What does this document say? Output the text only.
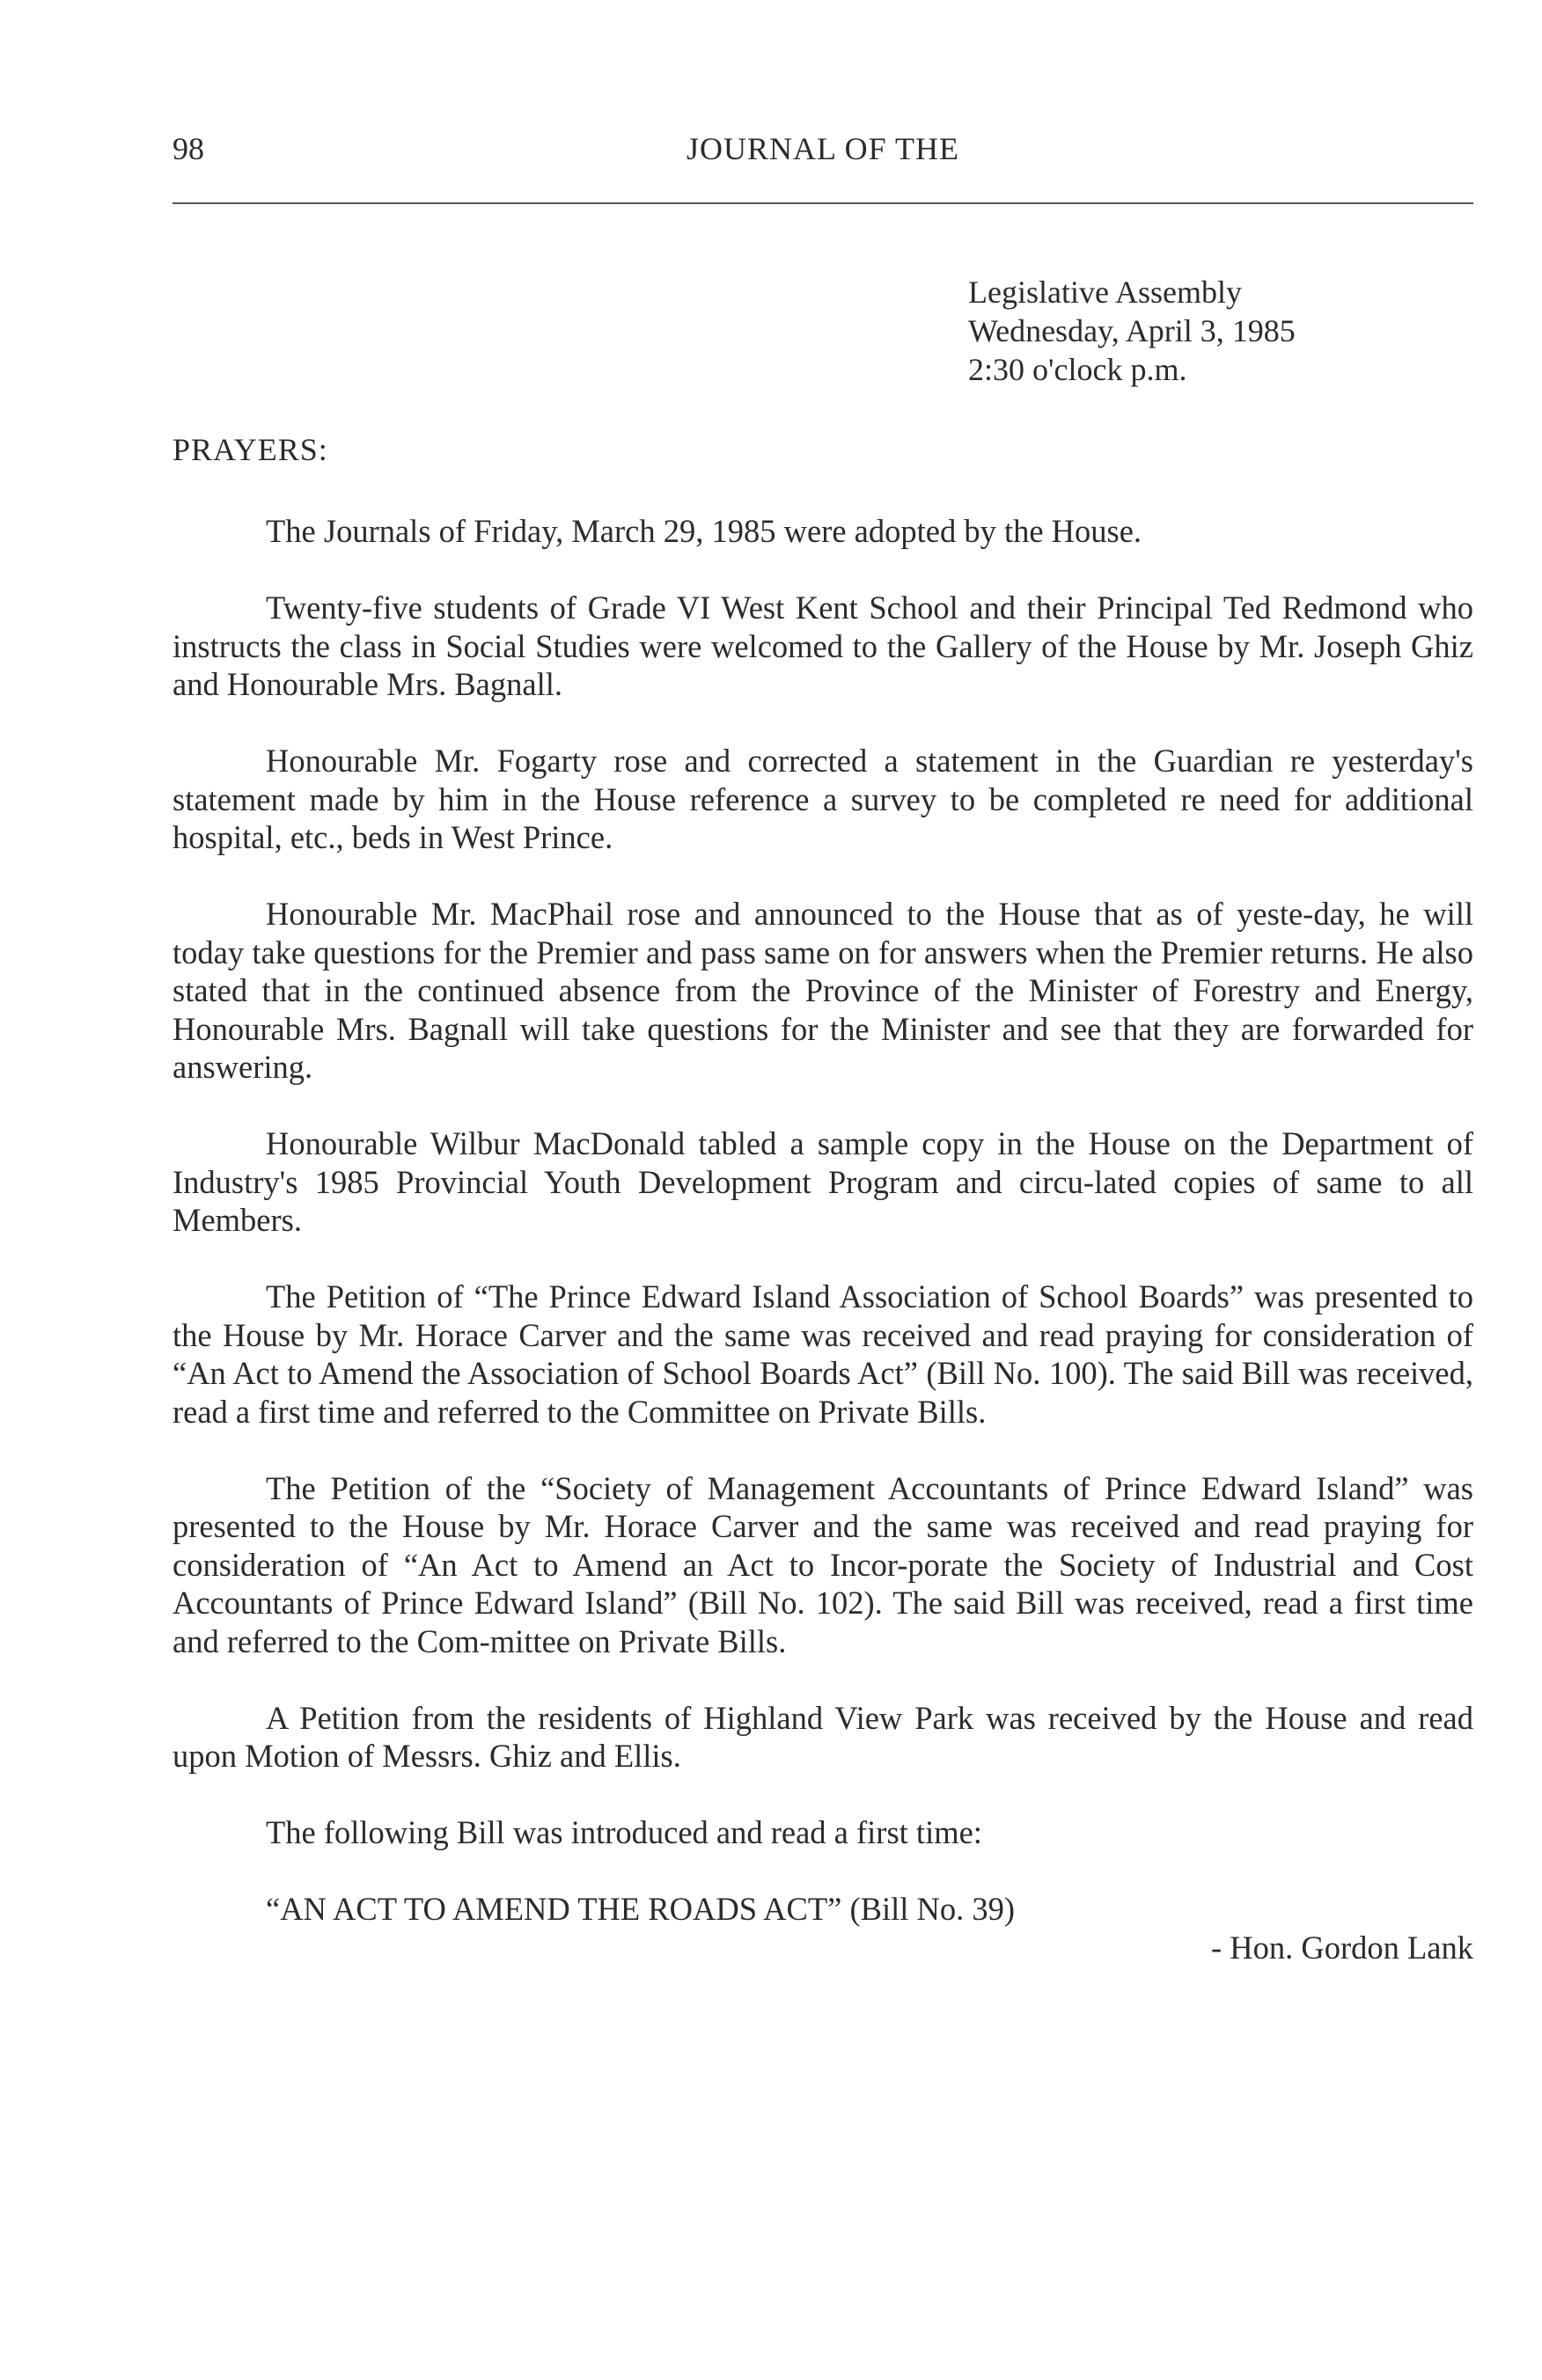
98	JOURNAL OF THE
Legislative Assembly
Wednesday, April 3, 1985
2:30 o'clock p.m.
PRAYERS:

The Journals of Friday, March 29, 1985 were adopted by the House.

Twenty-five students of Grade VI West Kent School and their Principal Ted Redmond who instructs the class in Social Studies were welcomed to the Gallery of the House by Mr. Joseph Ghiz and Honourable Mrs. Bagnall.

Honourable Mr. Fogarty rose and corrected a statement in the Guardian re yesterday's statement made by him in the House reference a survey to be completed re need for additional hospital, etc., beds in West Prince.

Honourable Mr. MacPhail rose and announced to the House that as of yeste-day, he will today take questions for the Premier and pass same on for answers when the Premier returns. He also stated that in the continued absence from the Province of the Minister of Forestry and Energy, Honourable Mrs. Bagnall will take questions for the Minister and see that they are forwarded for answering.

Honourable Wilbur MacDonald tabled a sample copy in the House on the Department of Industry's 1985 Provincial Youth Development Program and circu-lated copies of same to all Members.

The Petition of “The Prince Edward Island Association of School Boards” was presented to the House by Mr. Horace Carver and the same was received and read praying for consideration of “An Act to Amend the Association of School Boards Act” (Bill No. 100). The said Bill was received, read a first time and referred to the Committee on Private Bills.

The Petition of the “Society of Management Accountants of Prince Edward Island” was presented to the House by Mr. Horace Carver and the same was received and read praying for consideration of “An Act to Amend an Act to Incor-porate the Society of Industrial and Cost Accountants of Prince Edward Island” (Bill No. 102). The said Bill was received, read a first time and referred to the Com-mittee on Private Bills.

A Petition from the residents of Highland View Park was received by the House and read upon Motion of Messrs. Ghiz and Ellis.

The following Bill was introduced and read a first time:

“AN ACT TO AMEND THE ROADS ACT” (Bill No. 39)

- Hon. Gordon Lank
